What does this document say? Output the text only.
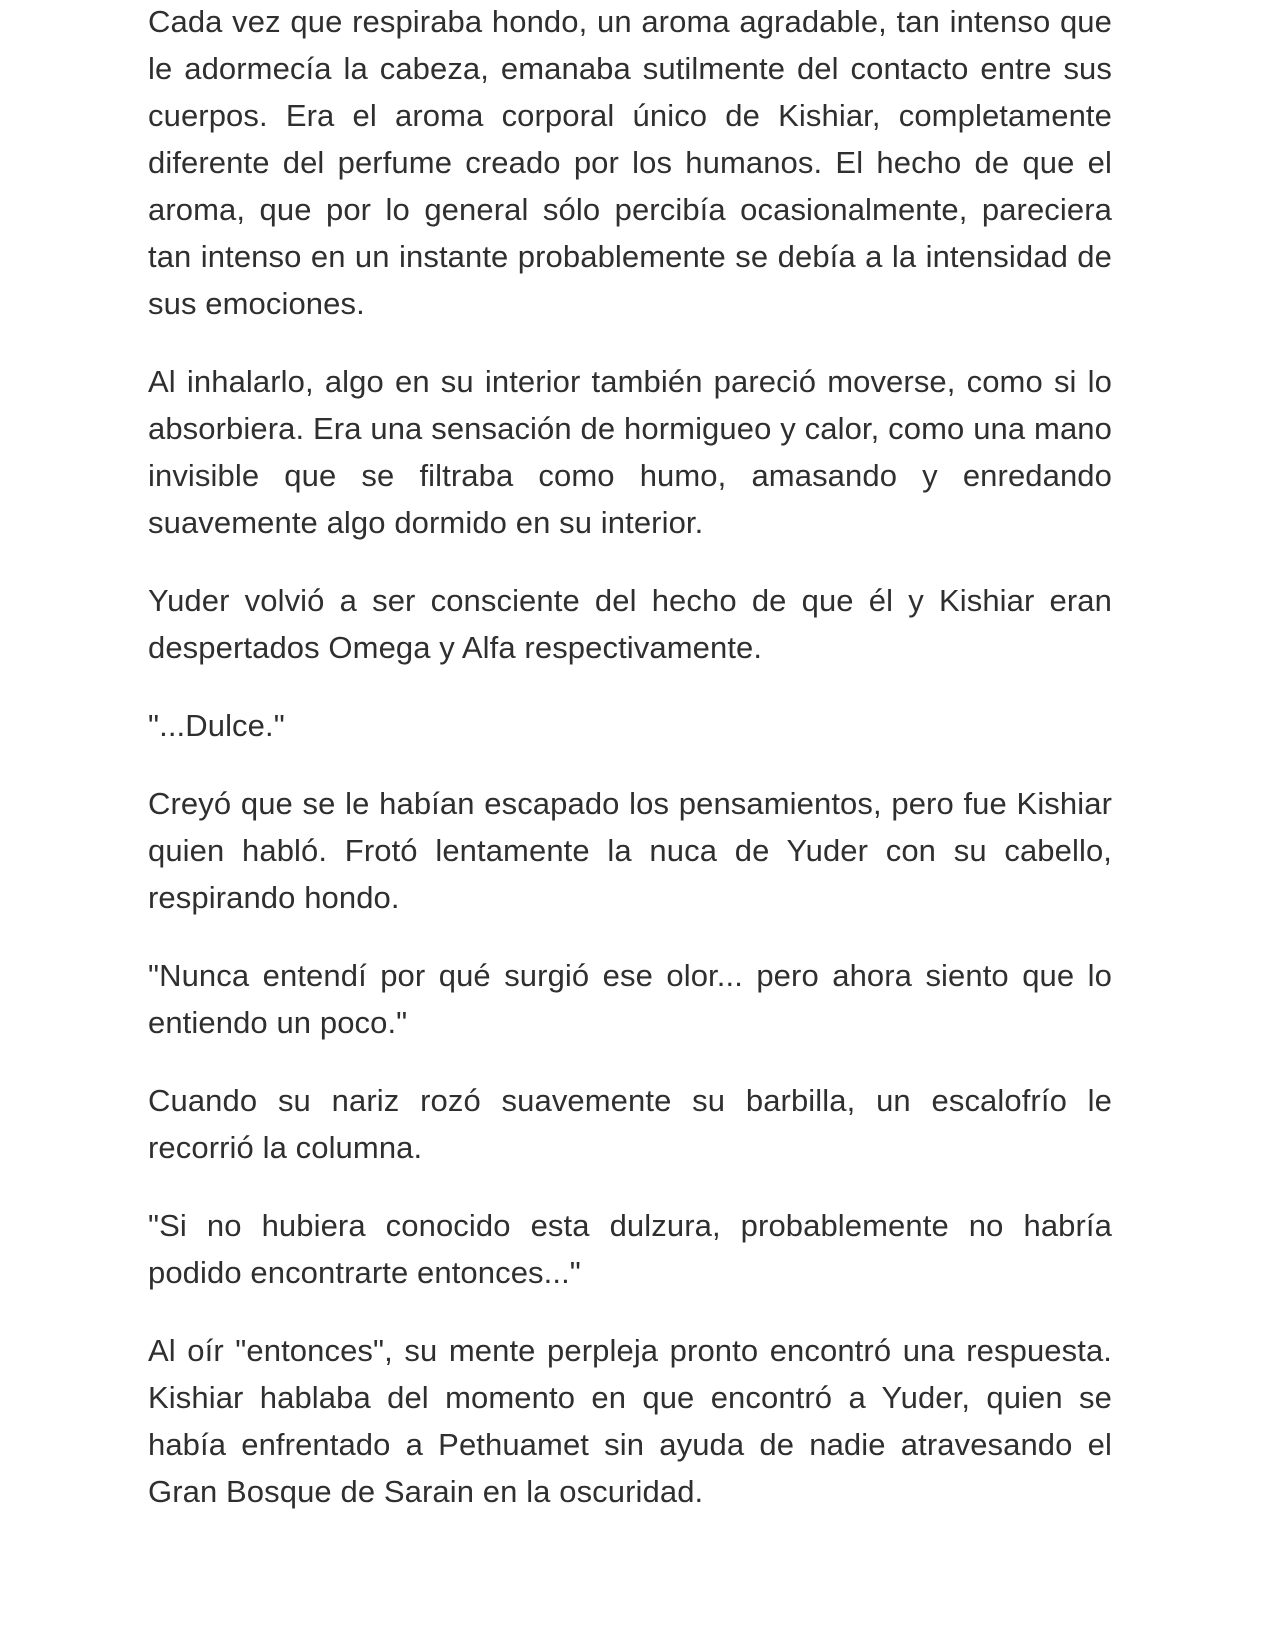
Cada vez que respiraba hondo, un aroma agradable, tan intenso que le adormecía la cabeza, emanaba sutilmente del contacto entre sus cuerpos. Era el aroma corporal único de Kishiar, completamente diferente del perfume creado por los humanos. El hecho de que el aroma, que por lo general sólo percibía ocasionalmente, pareciera tan intenso en un instante probablemente se debía a la intensidad de sus emociones.

Al inhalarlo, algo en su interior también pareció moverse, como si lo absorbiera. Era una sensación de hormigueo y calor, como una mano invisible que se filtraba como humo, amasando y enredando suavemente algo dormido en su interior.

Yuder volvió a ser consciente del hecho de que él y Kishiar eran despertados Omega y Alfa respectivamente.

"...Dulce."

Creyó que se le habían escapado los pensamientos, pero fue Kishiar quien habló. Frotó lentamente la nuca de Yuder con su cabello, respirando hondo.

"Nunca entendí por qué surgió ese olor... pero ahora siento que lo entiendo un poco."

Cuando su nariz rozó suavemente su barbilla, un escalofrío le recorrió la columna.

"Si no hubiera conocido esta dulzura, probablemente no habría podido encontrarte entonces..."

Al oír "entonces", su mente perpleja pronto encontró una respuesta. Kishiar hablaba del momento en que encontró a Yuder, quien se había enfrentado a Pethuamet sin ayuda de nadie atravesando el Gran Bosque de Sarain en la oscuridad.
